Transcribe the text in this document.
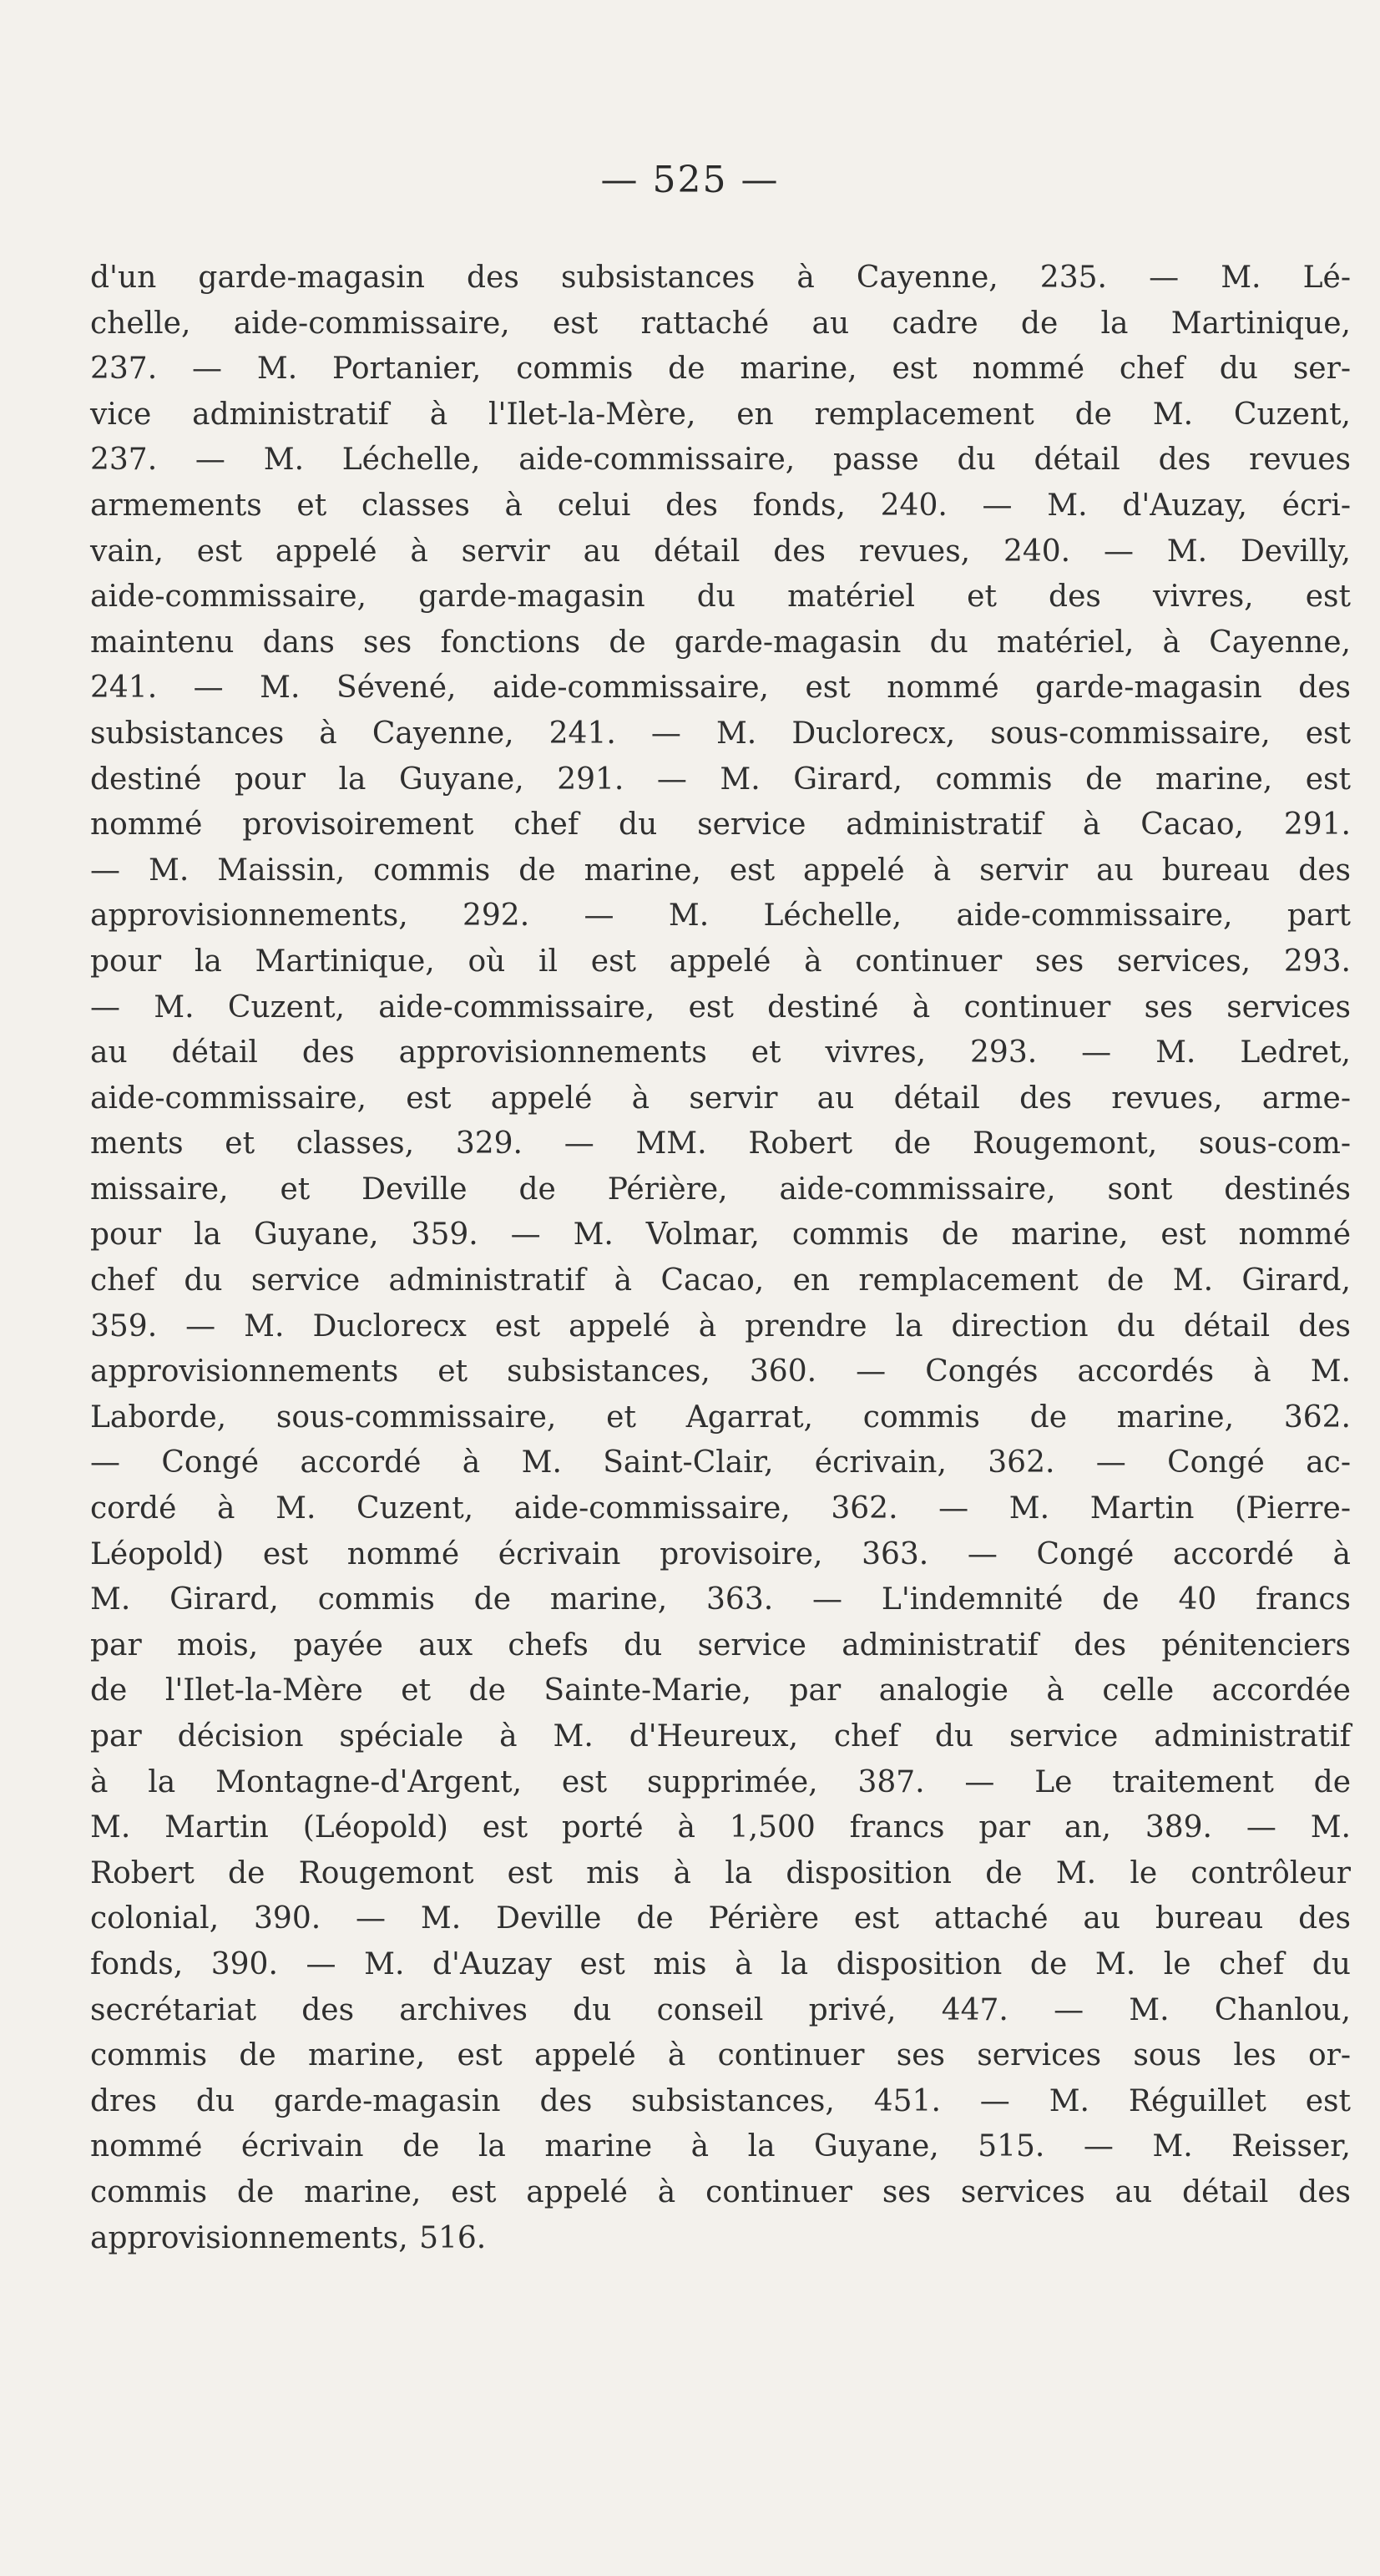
— 525 —
d'un garde-magasin des subsistances à Cayenne, 235. — M. Lé-
chelle, aide-commissaire, est rattaché au cadre de la Martinique,
237. — M. Portanier, commis de marine, est nommé chef du ser-
vice administratif à l'Ilet-la-Mère, en remplacement de M. Cuzent,
237. — M. Léchelle, aide-commissaire, passe du détail des revues
armements et classes à celui des fonds, 240. — M. d'Auzay, écri-
vain, est appelé à servir au détail des revues, 240. — M. Devilly,
aide-commissaire, garde-magasin du matériel et des vivres, est
maintenu dans ses fonctions de garde-magasin du matériel, à Cayenne,
241. — M. Sévené, aide-commissaire, est nommé garde-magasin des
subsistances à Cayenne, 241. — M. Duclorecx, sous-commissaire, est
destiné pour la Guyane, 291. — M. Girard, commis de marine, est
nommé provisoirement chef du service administratif à Cacao, 291.
— M. Maissin, commis de marine, est appelé à servir au bureau des
approvisionnements, 292. — M. Léchelle, aide-commissaire, part
pour la Martinique, où il est appelé à continuer ses services, 293.
— M. Cuzent, aide-commissaire, est destiné à continuer ses services
au détail des approvisionnements et vivres, 293. — M. Ledret,
aide-commissaire, est appelé à servir au détail des revues, arme-
ments et classes, 329. — MM. Robert de Rougemont, sous-com-
missaire, et Deville de Périère, aide-commissaire, sont destinés
pour la Guyane, 359. — M. Volmar, commis de marine, est nommé
chef du service administratif à Cacao, en remplacement de M. Girard,
359. — M. Duclorecx est appelé à prendre la direction du détail des
approvisionnements et subsistances, 360. — Congés accordés à M.
Laborde, sous-commissaire, et Agarrat, commis de marine, 362.
— Congé accordé à M. Saint-Clair, écrivain, 362. — Congé ac-
cordé à M. Cuzent, aide-commissaire, 362. — M. Martin (Pierre-
Léopold) est nommé écrivain provisoire, 363. — Congé accordé à
M. Girard, commis de marine, 363. — L'indemnité de 40 francs
par mois, payée aux chefs du service administratif des pénitenciers
de l'Ilet-la-Mère et de Sainte-Marie, par analogie à celle accordée
par décision spéciale à M. d'Heureux, chef du service administratif
à la Montagne-d'Argent, est supprimée, 387. — Le traitement de
M. Martin (Léopold) est porté à 1,500 francs par an, 389. — M.
Robert de Rougemont est mis à la disposition de M. le contrôleur
colonial, 390. — M. Deville de Périère est attaché au bureau des
fonds, 390. — M. d'Auzay est mis à la disposition de M. le chef du
secrétariat des archives du conseil privé, 447. — M. Chanlou,
commis de marine, est appelé à continuer ses services sous les or-
dres du garde-magasin des subsistances, 451. — M. Réguillet est
nommé écrivain de la marine à la Guyane, 515. — M. Reisser,
commis de marine, est appelé à continuer ses services au détail des
approvisionnements, 516.
